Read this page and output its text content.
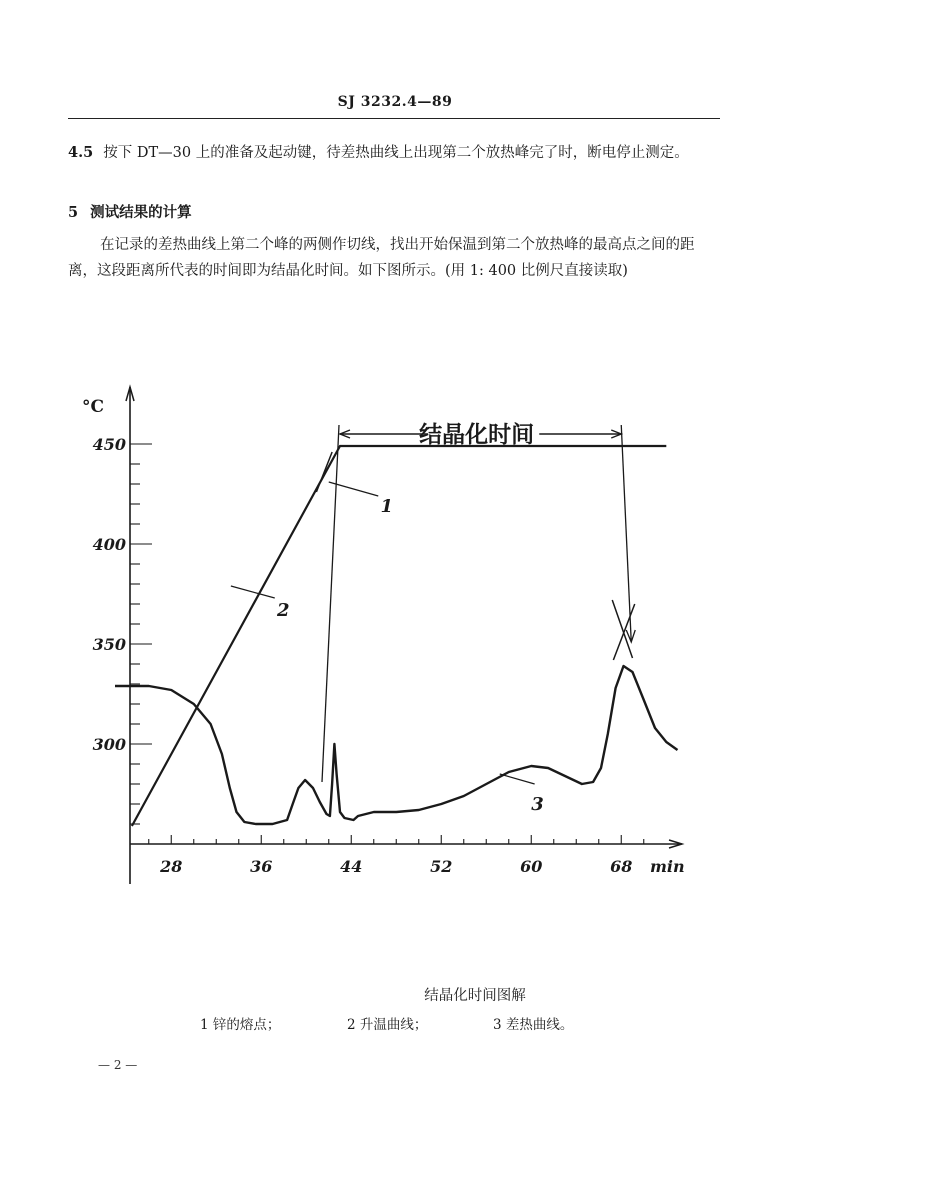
SJ 3232.4—89
4.5 按下 DT—30 上的准备及起动键，待差热曲线上出现第二个放热峰完了时，断电停止测定。
5 测试结果的计算
在记录的差热曲线上第二个峰的两侧作切线，找出开始保温到第二个放热峰的最高点之间的距离，这段距离所代表的时间即为结晶化时间。如下图所示。(用 1: 400 比例尺直接读取)
450
400
350
300
°C
28	36	44	52	60	68 min
结晶化时间
1
2
3
结晶化时间图解
1 锌的熔点；	2 升温曲线；	3 差热曲线。
— 2 —
